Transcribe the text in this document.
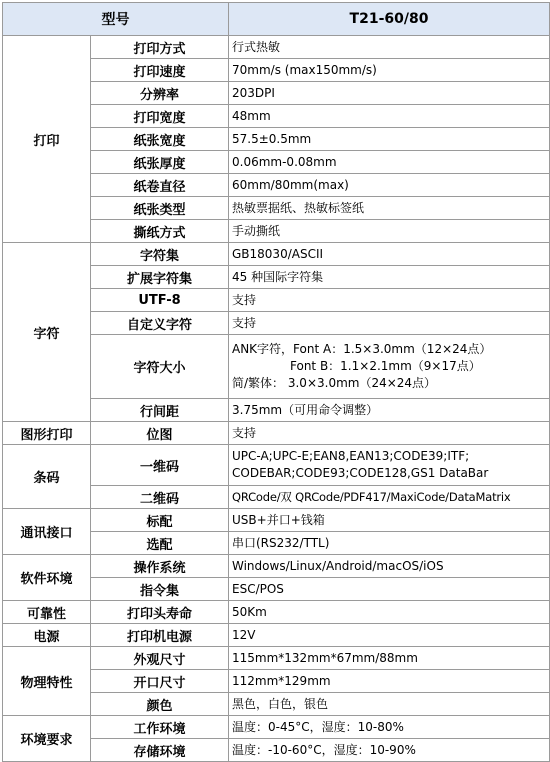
型号		T21-60/80
打印	打印方式	行式热敏

	打印速度	70mm/s (max150mm/s)

	分辨率	203DPI

	打印宽度	48mm

	纸张宽度	57.5±0.5mm

	纸张厚度	0.06mm-0.08mm

	纸卷直径	60mm/80mm(max)

	纸张类型	热敏票据纸、热敏标签纸

	撕纸方式	手动撕纸

字符	字符集	GB18030/ASCII

	扩展字符集	45 种国际字符集

	UTF-8	支持

	自定义字符	支持

	字符大小	ANK字符，Font A：1.5×3.0mm（12×24点）
Font B：1.1×2.1mm（9×17点）
简/繁体： 3.0×3.0mm（24×24点）

	行间距	3.75mm（可用命令调整）

图形打印	位图	支持

条码	一维码	UPC-A;UPC-E;EAN8,EAN13;CODE39;ITF;
CODEBAR;CODE93;CODE128,GS1 DataBar

	二维码	QRCode/双 QRCode/PDF417/MaxiCode/DataMatrix

通讯接口	标配	USB+并口+钱箱

	选配	串口(RS232/TTL)

软件环境	操作系统	Windows/Linux/Android/macOS/iOS

	指令集	ESC/POS

可靠性	打印头寿命	50Km

电源	打印机电源	12V

物理特性	外观尺寸	115mm*132mm*67mm/88mm

	开口尺寸	112mm*129mm

	颜色	黑色，白色，银色

环境要求	工作环境	温度：0-45°C，湿度：10-80%

	存储环境	温度：-10-60°C，湿度：10-90%
